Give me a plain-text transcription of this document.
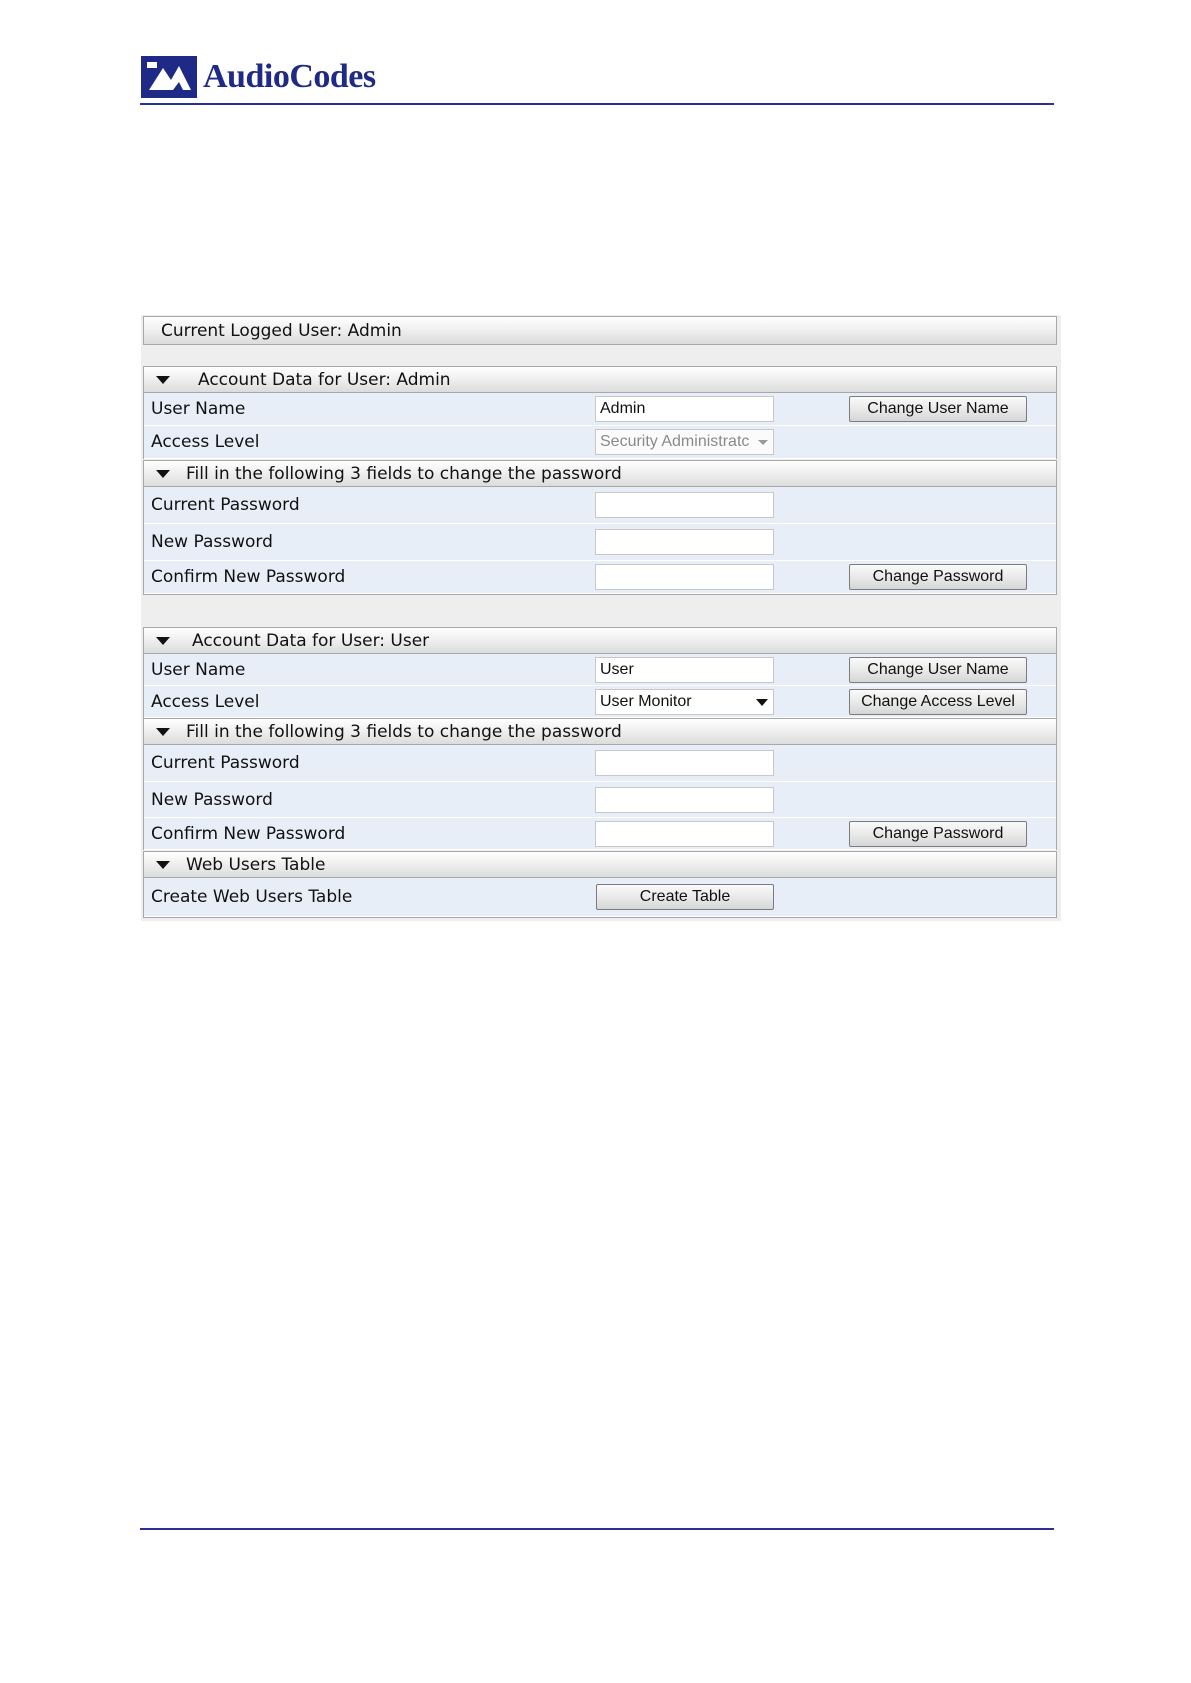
AudioCodes
Current Logged User: Admin
Account Data for User: Admin
User Name	Admin	Change User Name
Access Level	Security Administratc
Fill in the following 3 fields to change the password
Current Password
New Password
Confirm New Password	Change Password
Account Data for User: User
User Name	User	Change User Name
Access Level	User Monitor	Change Access Level
Fill in the following 3 fields to change the password
Current Password
New Password
Confirm New Password	Change Password
Web Users Table
Create Web Users Table	Create Table
